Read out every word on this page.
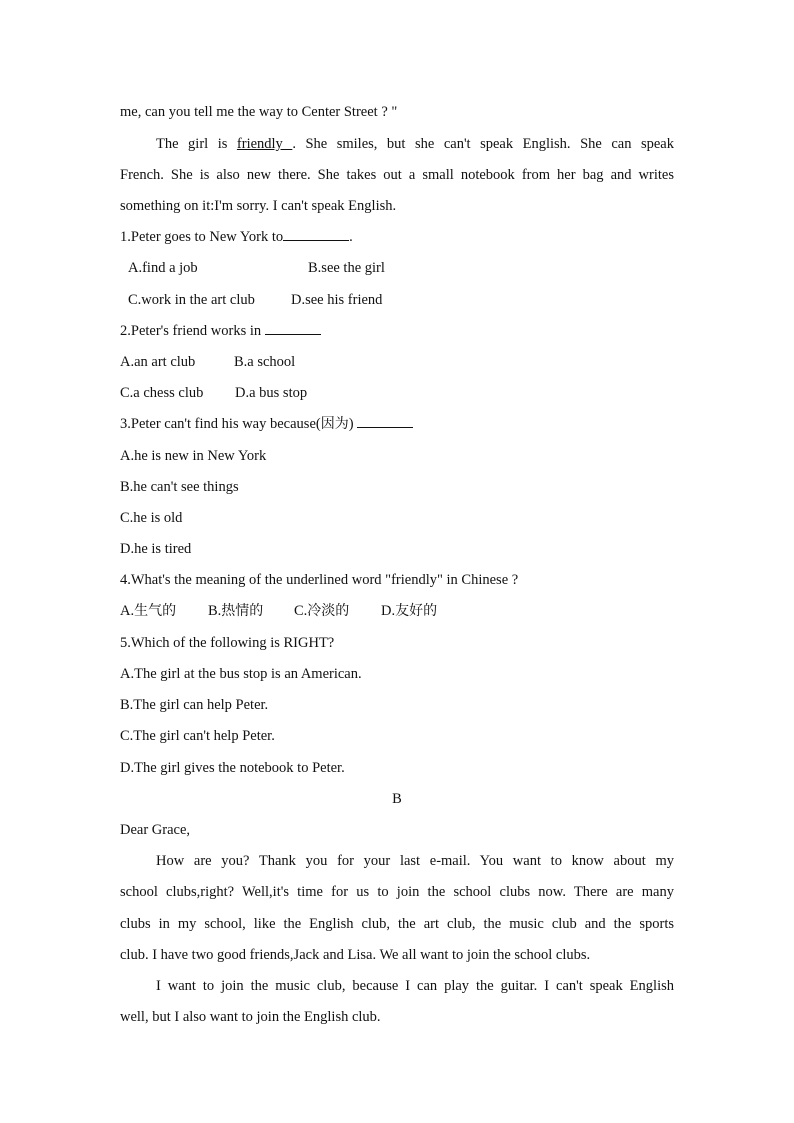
me, can you tell me the way to Center Street ? "
The girl is friendly . She smiles, but she can't speak English. She can speak
French. She is also new there. She takes out a small notebook from her bag and writes
something on it:I'm sorry. I can't speak English.
1.Peter goes to New York to	.
A.find a job	B.see the girl
C.work in the art club D.see his friend
2.Peter's friend works in
A.an art club	B.a school
C.a chess club D.a bus stop
3.Peter can't find his way because(因为)
A.he is new in New York
B.he can't see things
C.he is old
D.he is tired
4.What's the meaning of the underlined word "friendly" in Chinese ?
A.生气的 B.热情的 C.冷淡的 D.友好的
5.Which of the following is RIGHT?
A.The girl at the bus stop is an American.
B.The girl can help Peter.
C.The girl can't help Peter.
D.The girl gives the notebook to Peter.
B
Dear Grace,
How are you? Thank you for your last e-mail. You want to know about my
school clubs,right? Well,it's time for us to join the school clubs now. There are many
clubs in my school, like the English club, the art club, the music club and the sports
club. I have two good friends,Jack and Lisa. We all want to join the school clubs.
I want to join the music club, because I can play the guitar. I can't speak English
well, but I also want to join the English club.
